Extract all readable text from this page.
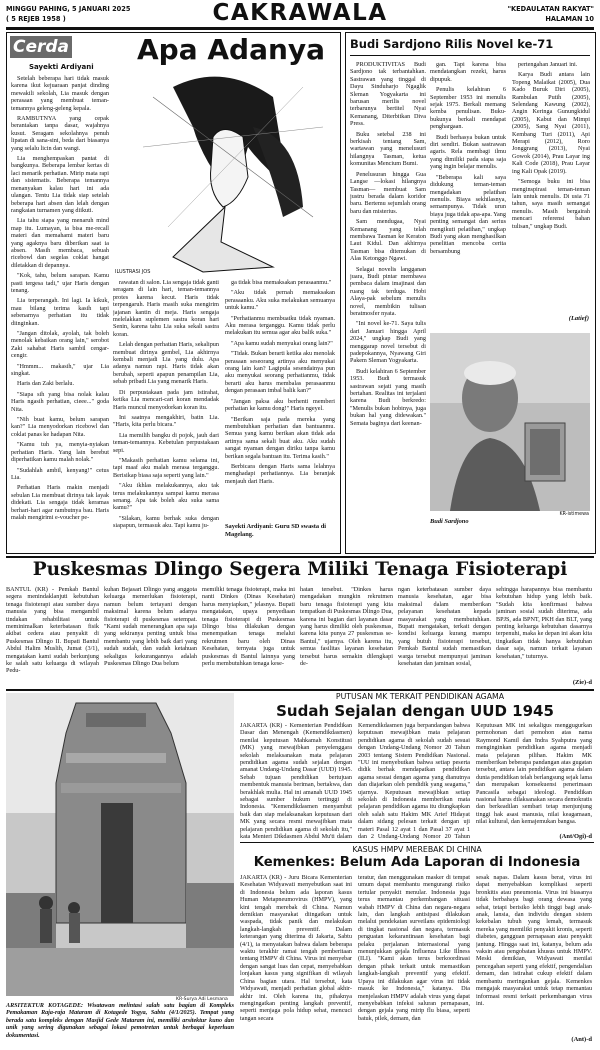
MINGGU PAHING, 5 JANUARI 2025
( 5 REJEB 1958 )	CAKRAWALA	"KEDAULATAN RAKYAT"
HALAMAN 10
Cerda Apa Adanya
Sayekti Ardiyani

Setelah beberapa hari tidak masuk karena ikut kejuaraan panjat dinding mewakili sekolah, Lia masuk dengan perasaan yang membuat teman-temannya geleng-geleng kepala.

RAMBUTNYA yang cepak berantakan tanpa dasar, wajahnya kusut. Seragam sekolahnya penuh lipatan di sana-sini, beda dari biasanya yang selalu licin dan wangi.

Lia menghempaskan pantat di bangkunya. Beberapa lembar kertas di laci menarik perhatian. Mirip mata rapi dan sistematis. Beberapa temannya menanyakan kalau hari ini ada ulangan. Tentu Lia tidak siap setelah beberapa hari absen dan lelah dengan rangkaian turnamen yang diikuti.

Lia tahu siapa yang menaruh mind map itu. Lumayan, ia bisa me-recall materi dan memahami materi baru yang agaknya baru diberikan saat ia absen. Masih membaca, sebuah ricebowl dan segelas coklat hangat diletakkan di depannya.

"Kok, tahu, belum sarapan. Kamu pasti tergesa tadi," ujar Haris dengan tenang.

Lia terperangah. Ini lagi. Ia kikuk, mau bilang terima kasih tapi sebenarnya perhatian itu tidak diinginkan.

"Jangan ditolak, ayolah, tak boleh menolak kebaikan orang lain," serobot Zaki sahabat Haris sambil cengar-cengir.

"Hmmm... makasih," ujar Lia singkat.

Haris dan Zaki berlalu.

"Siapa sih yang bisa nolak kalau Haris ngasih perhatian, cieee..." goda Nita.

"Nih buat kamu, belum sarapan kan?" Lia menyodorkan ricebowl dan coklat panas ke hadapan Nita.

"Kamu tuh ya, menyia-nyiakan perhatian Haris. Yang lain berebut diperhatikan kamu malah nolak."

"Sudahlah ambil, kenyang!" cetus Lia.

Perhatian Haris makin menjadi sebulan Lia membuat dirinya tak layak didekati. Lia sengaja tidak keramas berhari-hari agar rambutnya bau. Haris malah mengirimi e-voucher pe-

ILUSTRASI JOS

rawatan di salon. Lia sengaja tidak ganti seragam di lain hari, teman-temannya protes karena kecut. Haris tidak terpengaruh. Haris masih suka mengirim jajanan kantin di meja. Haris sengaja melelakkan suplemen sastra koran hari Senin, karena tahu Lia suka sekali sastra koran.

Lelah dengan perhatian Haris, sekalipun membuat dirinya gembel, Lia akhirnya kembali menjadi Lia yang dulu. Apa adanya namun rapi. Haris tidak akan berubah, seperti apapun penampilan Lia, sebab pribadi Lia yang menarik Haris.

Di perpustakaan pada jam istirahat, ketika Lia mencari-cari koran mendadak Haris muncul menyodorkan koran itu.

Ini saatnya mengakhiri, batin Lia. "Haris, kita perlu bicara."

Lia memilih bangku di pojok, jauh dari teman-temannya. Kebetulan perpustakaan sepi.

"Makasih perhatian kamu selama ini, tapi maaf aku malah merasa terganggu. Berisikap biasa saja seperti yang lain."

"Aku ikhlas melakukannya, aku tak terus melakukannya sampai kamu merasa senang. Apa tak boleh aku suka sama kamu?"

"Silakan, kamu berhak suka dengan siapapun, termasuk aku. Tapi kamu ju-

ga tidak bisa memaksakan perasaanmu."

"Aku tidak pernah memaksakan perasaanku. Aku suka melakukan semuanya untuk kamu."

"Perhatianmu membuatku tidak nyaman. Aku merasa terganggu. Kamu tidak perlu melakukan itu semua agar aku balik suka."

"Apa kamu sudah menyukai orang lain?"

"Tidak. Bukan berarti ketika aku menolak perasaan seseorang artinya aku menyukai orang lain kan? Lagipula sesendainya pun aku menyukai seorang perhatianmu, tidak berarti aku harus membalas perasaanmu dengan perasaan imbal balik kan?"

"Jangan paksa aku berhenti memberi perhatian ke kamu dong!" Haris ngeyel.

"Berikan saja pada mereka yang membutuhkan perhatian dan bantuanmu. Semua yang kamu berikan akan tidak ada artinya sama sekali buat aku. Aku sudah sangat nyaman dengan diriku tanpa kamu berikan segala bantuan itu. Terima kasih."

Berbicara dengan Haris sama lelahnya menghadapi perhatiannya. Lia beranjak menjauh dari Haris.

Sayekti Ardiyani: Guru SD swasta di Magelang.
Budi Sardjono Rilis Novel ke-71

PRODUKTIVITAS Budi Sardjono tak terbantahkan. Sastrawan yang tinggal di Dayu Sinduharjo Ngaglik Sleman Yogyakarta ini barusan merilis novel terbarunya bertitel Nyai Kemanang, Diterbitkan Diva Press.

Buku setebal 238 ini berkisah tentang Sam, wartawan yang menelusuri hilangnya Tasman, ketua komunitas Mencium Bumi.

Penelusuran hingga Gua Langse —lokasi hilangnya Tasman— membuat Sam justru berada dalam koridor baru. Bertemu sejumlah orang baru dan misterius.

Sam mendugaa, Nyai Kemanang yang telah membawa Tasman ke Keraton Laut Kidul. Dan akhirnya Tasman bisa ditemukan di Alas Ketonggo Ngawi.

Selagai novelis langganan juara, Budi pintar membawa pembaca dalam imajinasi dan ruang tak terduga. Hobi Alaya-pak sebelum menulis novel, membikin tulisan beratmosfer nyata.

"Ini novel ke-71. Saya tulis dari Januari hingga April 2024," ungkap Budi yang menggarap novel tersebut di padepokannya, Nyawang Giri Pakem Sleman Yogyakarta.

Budi kelahiran 6 September 1953. Budi termasuk sastrawan sejati yang masih bertahan. Realitas ini terjalani karena Budi berkredo: "Menulis bukan hobinya, juga bukan hal yang didewakan." Semata baginya dari keenan-

gan. Tapi karena bisa mendatangkan rezeki, harus dipupuk.

Penulis kelahiran 6 September 1953 ini menulis sejak 1975. Berkali memang kemba penulisan. Buku-bukunya berkali mendapat penghargaan.

Budi berhasya bukan untuk diri sendiri. Bukan sastrawan agaris. Rela membagi ilmu yang dimiliki pada siapa saja yang ingin belajar menulis.

"Beberapa kali saya didukung teman-teman mengadakan pelatihan menulis. Biaya sekhilasnya, semampunya. Tidak urun biaya juga tidak apa-apa. Yang penting semangat dan serius mengikuti pelatihan," ungkap Budi yang akan menghasilkan penelitian mencoba cerita bersambung

pertengahan Januari ini.

Karya Budi antara lain Topeng Malaikat (2005), Dua Kado Buruk Diri (2005), Rambulan Putih (2005), Selendang Kawung (2002), Angin Keringa Gunungkidul (2005), Kabut dan Mimpi (2005), Sang Nyai (2011), Kembang Turi (2011), Api Merapi (2012), Roro Jonggrang (2013), Nyai Gowok (2014), Prau Layar ing Kali Code (2018), Prau Layar ing Kali Opak (2019).

"Semoga buku ini bisa menginspirasi teman-teman lain untuk menulis. Di usia 71 tahun, saya masih semangat menulis. Masih bergairah mencari referensi bahan tulisan," ungkap Budi.

(Latief)
KR-istimewa
Budi Sardjono
Puskesmas Dlingo Segera Miliki Tenaga Fisioterapi
BANTUL (KR) - Pemkab Bantul segera menindaklanjuti kebutuhan tenaga fisioterapi atau sumber daya manusia yang bisa mengambil tindakan rehabilitasi untuk meminimalkan keterbatasan fisik akibat cedera atau penyakit di Puskesmas Dlingo II. Bupati Bantul Abdul Halim Muslih, Jumat (3/1), mengatakan kami sudah berkunjung ke salah satu keluarga di wilayah Pedu-
kuhan Bejasari Dlingo yang anggota keluarga memerlukan fisioterapi, namun belum tertayani dengan maksimal karena belum adanya fisioterapi di puskesmas setempat. "Kami sudah menerangkan apa saja yang sekiranya penting untuk bisa membantu yang lebih baik dari yang sudah sudah, dan sudah ketahuan sekaligus kekurangannya adalah Puskesmas Dlingo Dua belum
memiliki tenaga fisioterapi, maka ini nanti Dinkes (Dinas Kesehatan) harus menyiapkan," jelasnya. Bupati mengatakan, upaya penyediaan tenaga fisioterapi di Puskesmas Dlingo bisa dilakukan dengan menempatkan tenaga melalui rekrutmen baru oleh Dinas Kesehatan, ternyata juga untuk puskesmas di Bantul lainnya yang perlu membutuhkan tenaga kese-
hatan tersebut. "Dinkes harus mengadakan mungkin rekrutmen baru tenaga fisioterapi yang kita tempatkan di Puskesmas Dlingo Dua, karena ini bagian dari layanan dasar yang harus dimiliki oleh puskesmas, karena kita punya 27 puskesmas se-Bantul," ujarnya. Oleh karena itu, semua fasilitas layanan kesehatan tersebut harus semakin dilengkapi de-
ngan keterbatasan sumber daya manusia kesehatan, agar bisa maksimal dalam memberikan pelayanan kesehatan kepada masyarakat yang membutuhkan. Bupati mengatakan, terkait dengan kondisi keluarga kurang mampu yang butuh fisioterapi tersebut, Pemkab Bantul sudah memastikan warga tersebut mempunyai jaminan kesehatan dan jaminan sosial,
sehingga harapannya bisa membantu kebutuhan hidup yang lebih baik. "Sudah kita konfirmasi bahwa jaminan sosial sudah diterima, ada BPJS, ada BPNT, PKH dan BLT, yang penting keluarga kebutuhan dasarnya terpenuhi, maka ke depan ini akan kita tingkatkan tidak hanya kebutuhan dasar saja, namun terkait layanan kesehatan," tuturnya.
(Zie)-d
PUTUSAN MK TERKAIT PENDIDIKAN AGAMA
Sudah Sejalan dengan UUD 1945
KR-Surya Adi Lesmana
ARSITEKTUR KOTAGEDE: Wisatawan melintasi salah satu bagian di Kompleks Pemakaman Raja-raja Mataram di Kotagede Yogya, Sabtu (4/1/2025). Tempat yang berada satu kompleks dengan Masjid Gede Mataram ini, memiliki arsitektur kuno dan unik yang sering digunakan sebagai lokasi pemotretan untuk berbagai keperluan dokumentasi.
JAKARTA (KR) - Kementerian Pendidikan Dasar dan Menengah (Kemendikdasmen) menilai keputusan Mahkamah Konstitusi (MK) yang mewajibkan penyelenggara sekolah melaksanakan mata pelajaran pendidikan agama sudah sejalan dengan amanat Undang-Undang Dasar (UUD) 1945. Sebab tujuan pendidikan bertujuan membentuk manusia beriman, bertakwa, dan berakhlak mulia. Hal ini amanah UUD 1945 sebagai sumber hukum tertinggi di Indonesia. "Kemendikdasmen menyambut baik dan siap melaksanakan keputusan dari MK yang secara resmi mewajibkan mata pelajaran pendidikan agama di sekolah itu," kata Menteri Dikdasmen Abdul Mu'ti dalam
Kemendikdasmen juga berpandangan bahwa keputusan mewajibkan mata pelajaran pendidikan agama di sekolah sudah sesuai dengan Undang-Undang Nomor 20 Tahun 2003 tentang Sistem Pendidikan Nasional. "UU ini menyebutkan bahwa setiap peserta didik berhak mendapatkan pendidikan agama sesuai dengan agama yang dianutnya dan diajarkan oleh pendidik yang seagama," ujarnya. Keputusan mewajibkan setiap sekolah di Indonesia memberikan mata pelajaran pendidikan agama itu diungkapkan oleh salah satu Hakim MK Arief Hidayat dalam sidang pelesan terkait dengan uji materi Pasal 12 ayat 1 dan Pasal 37 ayat 1 dan 2 Undang-Undang Nomor 20 Tahun
Keputusan MK ini sekaligus menggugurkan permohonan dari pemohon atas nama Raymond Kamil dan Indra Syahputra yang menginginkan pendidikan agama menjadi mata pelajaran pilihan. Hakim MK memberikan beberapa pandangan atas gugatan tersebut, antara lain pendidikan agama dalam dunia pendidikan telah berlangsung sejak lama dan merupakan konsekuensi penerimaan Pancasila sebagai ideologi. Pendidikan nasional harus dilaksanakan secara demokratis dan berkeadilan sembari tetap menjunjung tinggi hak asasi manusia, nilai keagamaan, nilai kultural, dan kemajemukan bangsa.
(Ant/Ogi)-d
KASUS HMPV MEREBAK DI CHINA
Kemenkes: Belum Ada Laporan di Indonesia
JAKARTA (KR) - Juru Bicara Kementerian Kesehatan Widyawati menyebutkan saat ini di Indonesia belum ada laporan kasus Human Metapneumovirus (HMPV), yang kini tengah merebak di China. Namun demikian masyarakat diingatkan untuk waspada, tidak panik dan melakukan langkah-langkah preventif. Dalam keterangan yang diterima di Jakarta, Sabtu (4/1), ia menyatakan bahwa dalam beberapa waktu terakhir ramai tengah pemberitaan tentang HMPV di China. Virus ini menyebar dengan sangat luas dan cepat, menyebabkan lonjakan kasus yang signifikan di wilayah China bagian utara. Hal tersebut, kata Widyawati, menjadi perhatian global akhir-akhir ini. Oleh karena itu, pihaknya mengingatkan penting langkah preventif, seperti menjaga pola hidup sehat, mencuci tangan secara
teratur, dan menggunakan masker di tempat umum dapat membantu mengurangi risiko tertular penyakit menular. Indonesia juga terus memantau perkembangan situasi wabah HMPV di China dan negara-negara lain, dan langkah antisipasi dilakukan melalui pendekatan surveilans epidemiologi di tingkat nasional dan negara, termasuk penguatan kekarantinaan kesehatan bagi pelaku perjalanan internasional yang menunjukkan gejala Influenza Like Illness (ILI). "Kami akan terus berkoordinasi dengan pihak terkait untuk memastikan langkah-langkah preventif yang efektif. Upaya ini dilakukan agar virus ini tidak masuk ke Indonesia," katanya. Dia menjelaskan HMPV adalah virus yang dapat menyebabkan infeksi saluran pernapasan, dengan gejala yang mirip flu biasa, seperti batuk, pilek, demam, dan
sesak napas. Dalam kasus berat, virus ini dapat menyebabkan komplikasi seperti bronkitis atau pneumonia. Virus ini biasanya tidak berbahaya bagi orang dewasa yang sehat, tetapi berisiko lebih tinggi bagi anak-anak, lansia, dan individu dengan sistem kekebalan tubuh yang lemah, termasuk mereka yang memiliki penyakit kronis, seperti diabetes, gangguan pernapasan atau penyakit jantung. Hingga saat ini, katanya, belum ada vaksin atau pengobatan khusus untuk HMPV. Meski demikian, Widyawati menilai pencegahan seperti yang efektif, pengendalian demam, dan istirahat cukup efektif dalam membantu meringankan gejala. Kemenkes mengajak masyarakat untuk tetap memantau informasi resmi terkait perkembangan virus ini.
(Ant)-d
